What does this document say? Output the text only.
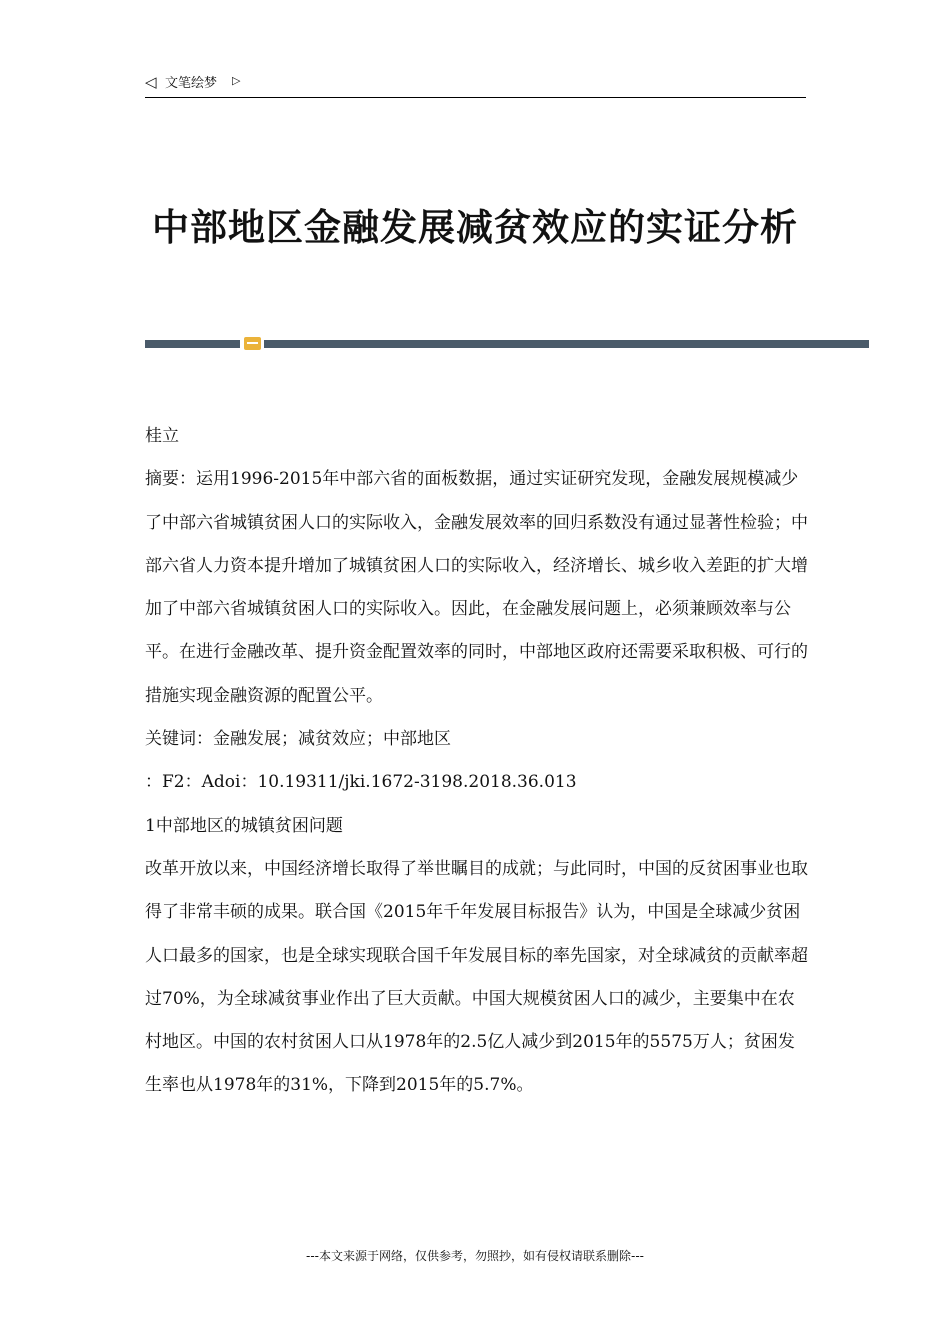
◁ 文笔绘梦 ▷
中部地区金融发展减贫效应的实证分析

桂立

摘要：运用1996-2015年中部六省的面板数据，通过实证研究发现，金融发展规模减少了中部六省城镇贫困人口的实际收入，金融发展效率的回归系数没有通过显著性检验；中部六省人力资本提升增加了城镇贫困人口的实际收入，经济增长、城乡收入差距的扩大增加了中部六省城镇贫困人口的实际收入。因此，在金融发展问题上，必须兼顾效率与公平。在进行金融改革、提升资金配置效率的同时，中部地区政府还需要采取积极、可行的措施实现金融资源的配置公平。

关键词：金融发展；减贫效应；中部地区

：F2：Adoi：10.19311/jki.1672-3198.2018.36.013

1中部地区的城镇贫困问题

改革开放以来，中国经济增长取得了举世瞩目的成就；与此同时，中国的反贫困事业也取得了非常丰硕的成果。联合国《2015年千年发展目标报告》认为，中国是全球减少贫困人口最多的国家，也是全球实现联合国千年发展目标的率先国家，对全球减贫的贡献率超过70%，为全球减贫事业作出了巨大贡献。中国大规模贫困人口的减少，主要集中在农村地区。中国的农村贫困人口从1978年的2.5亿人减少到2015年的5575万人；贫困发生率也从1978年的31%，下降到2015年的5.7%。

---本文来源于网络，仅供参考，勿照抄，如有侵权请联系删除---
